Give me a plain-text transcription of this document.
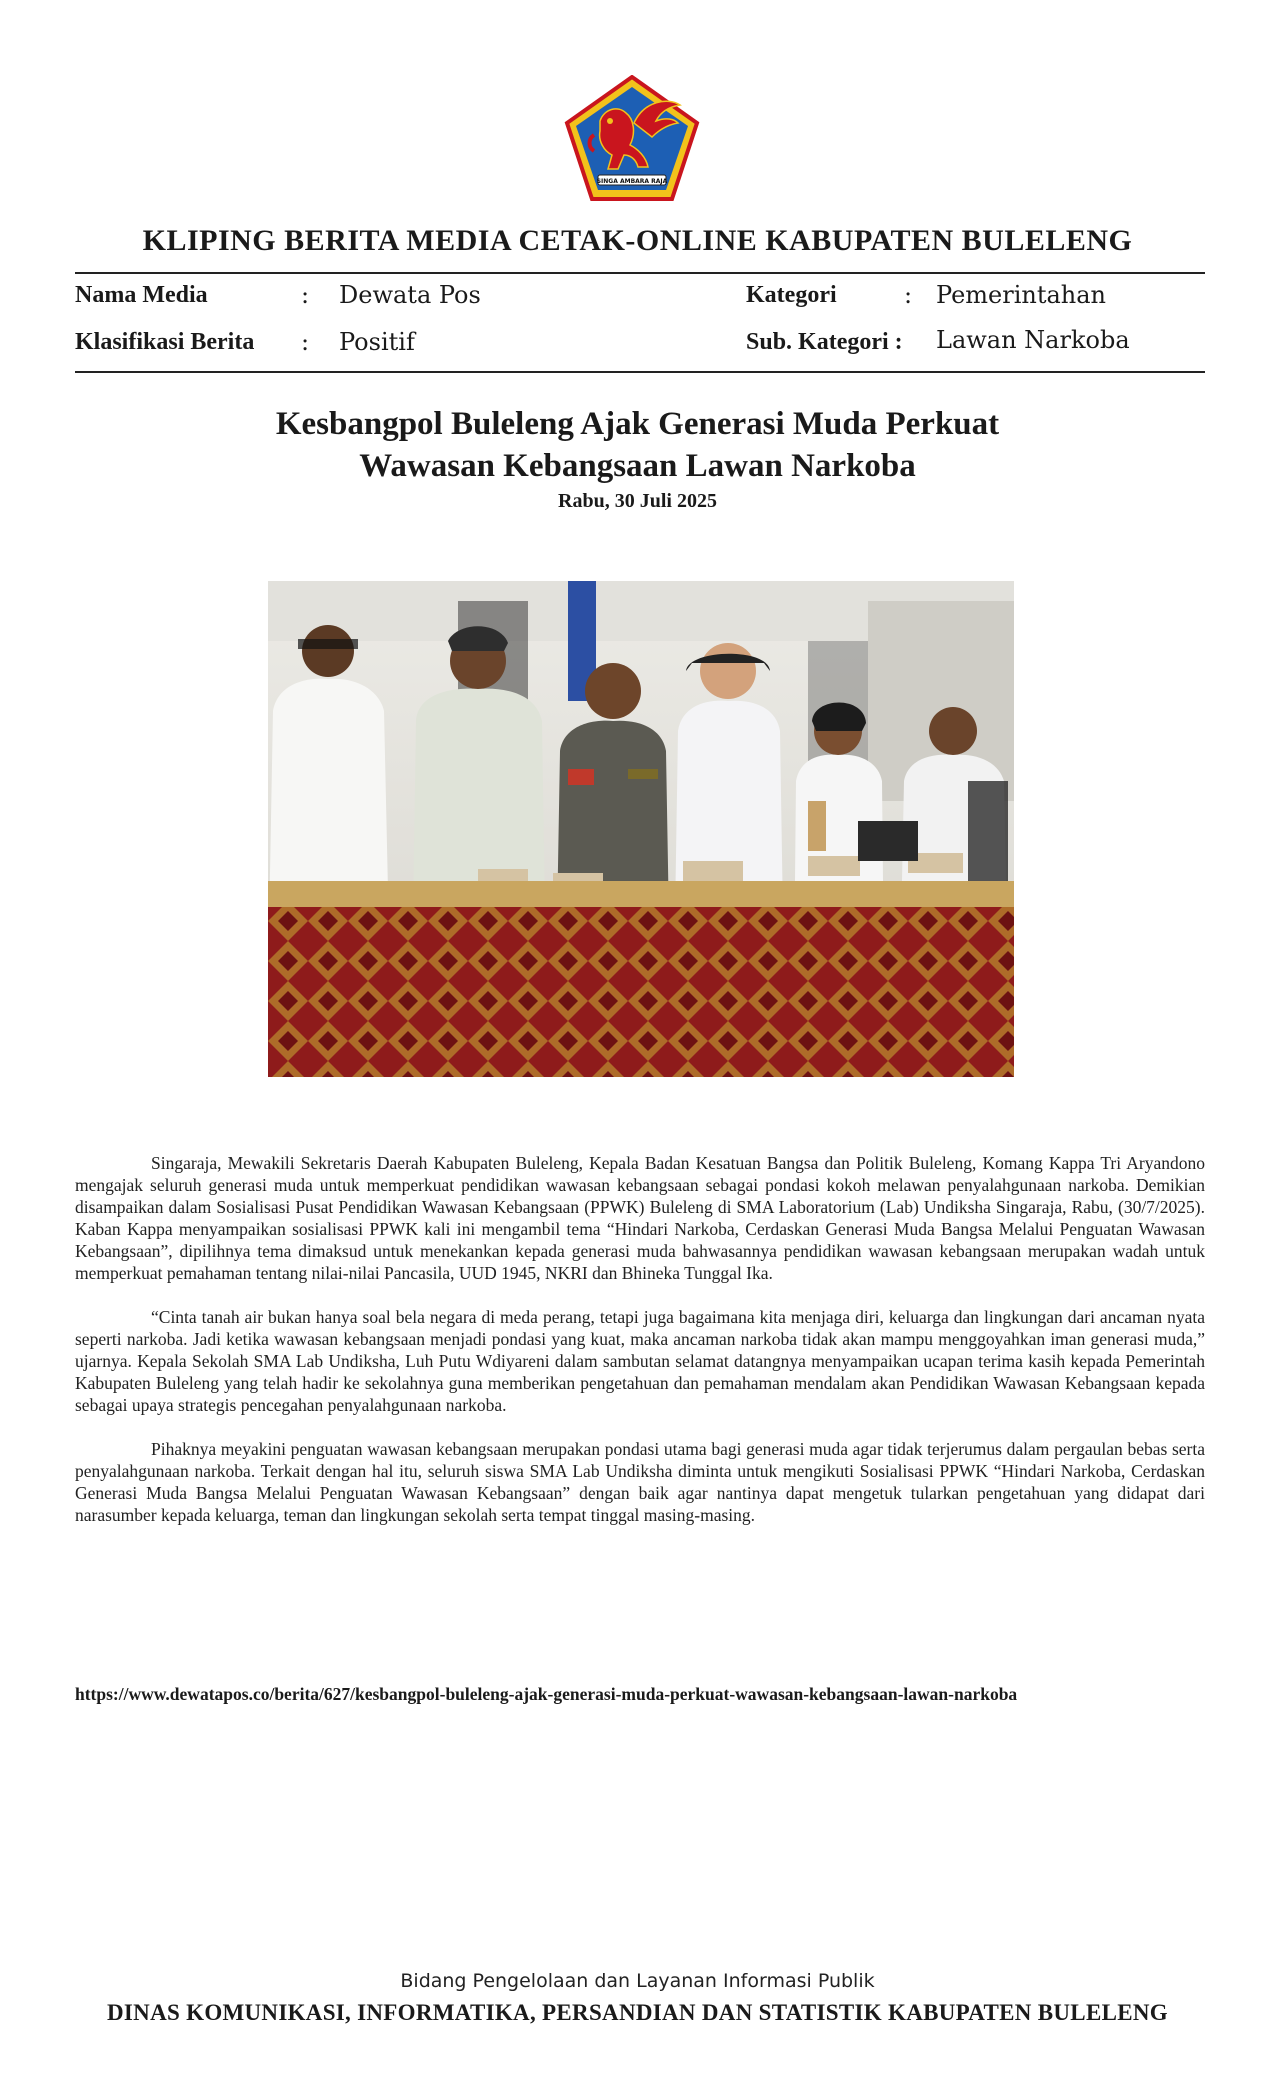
SINGA AMBARA RAJA
KLIPING BERITA MEDIA CETAK-ONLINE KABUPATEN BULELENG
Nama Media	: Dewata Pos	Kategori	: Pemerintahan
Klasifikasi Berita : Positif	Sub. Kategori : Lawan Narkoba
Kesbangpol Buleleng Ajak Generasi Muda Perkuat
Wawasan Kebangsaan Lawan Narkoba
Rabu, 30 Juli 2025

Singaraja, Mewakili Sekretaris Daerah Kabupaten Buleleng, Kepala Badan Kesatuan Bangsa dan Politik Buleleng, Komang Kappa Tri Aryandono mengajak seluruh generasi muda untuk memperkuat pendidikan wawasan kebangsaan sebagai pondasi kokoh melawan penyalahgunaan narkoba. Demikian disampaikan dalam Sosialisasi Pusat Pendidikan Wawasan Kebangsaan (PPWK) Buleleng di SMA Laboratorium (Lab) Undiksha Singaraja, Rabu, (30/7/2025). Kaban Kappa menyampaikan sosialisasi PPWK kali ini mengambil tema “Hindari Narkoba, Cerdaskan Generasi Muda Bangsa Melalui Penguatan Wawasan Kebangsaan”, dipilihnya tema dimaksud untuk menekankan kepada generasi muda bahwasannya pendidikan wawasan kebangsaan merupakan wadah untuk memperkuat pemahaman tentang nilai-nilai Pancasila, UUD 1945, NKRI dan Bhineka Tunggal Ika.

“Cinta tanah air bukan hanya soal bela negara di meda perang, tetapi juga bagaimana kita menjaga diri, keluarga dan lingkungan dari ancaman nyata seperti narkoba. Jadi ketika wawasan kebangsaan menjadi pondasi yang kuat, maka ancaman narkoba tidak akan mampu menggoyahkan iman generasi muda,” ujarnya. Kepala Sekolah SMA Lab Undiksha, Luh Putu Wdiyareni dalam sambutan selamat datangnya menyampaikan ucapan terima kasih kepada Pemerintah Kabupaten Buleleng yang telah hadir ke sekolahnya guna memberikan pengetahuan dan pemahaman mendalam akan Pendidikan Wawasan Kebangsaan kepada sebagai upaya strategis pencegahan penyalahgunaan narkoba.

Pihaknya meyakini penguatan wawasan kebangsaan merupakan pondasi utama bagi generasi muda agar tidak terjerumus dalam pergaulan bebas serta penyalahgunaan narkoba. Terkait dengan hal itu, seluruh siswa SMA Lab Undiksha diminta untuk mengikuti Sosialisasi PPWK “Hindari Narkoba, Cerdaskan Generasi Muda Bangsa Melalui Penguatan Wawasan Kebangsaan” dengan baik agar nantinya dapat mengetuk tularkan pengetahuan yang didapat dari narasumber kepada keluarga, teman dan lingkungan sekolah serta tempat tinggal masing-masing.

https://www.dewatapos.co/berita/627/kesbangpol-buleleng-ajak-generasi-muda-perkuat-wawasan-kebangsaan-lawan-narkoba
Bidang Pengelolaan dan Layanan Informasi Publik
DINAS KOMUNIKASI, INFORMATIKA, PERSANDIAN DAN STATISTIK KABUPATEN BULELENG
